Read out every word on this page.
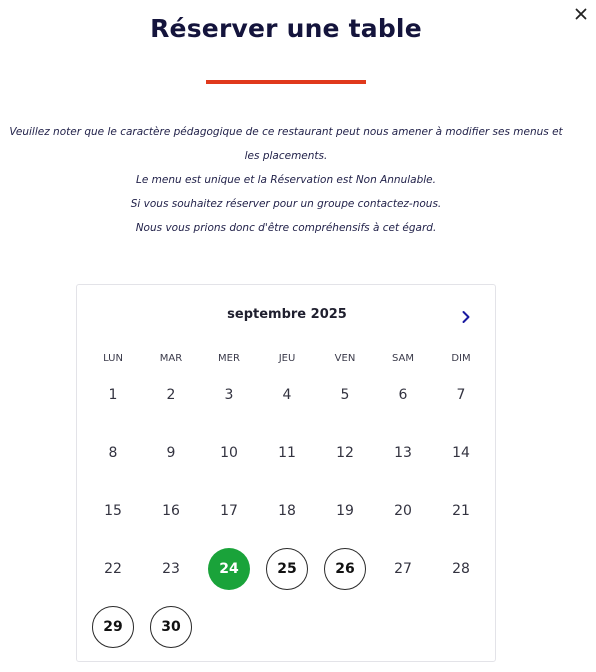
Réserver une table

Veuillez noter que le caractère pédagogique de ce restaurant peut nous amener à modifier ses menus et

les placements.

Le menu est unique et la Réservation est Non Annulable.

Si vous souhaitez réserver pour un groupe contactez-nous.

Nous vous prions donc d'être compréhensifs à cet égard.

septembre 2025
LUN	MAR	MER	JEU	VEN	SAM	DIM
1	2	3	4	5	6	7
8	9	10	11	12	13	14
15	16	17	18	19	20	21
22	23	24	25	26	27	28
29	30
